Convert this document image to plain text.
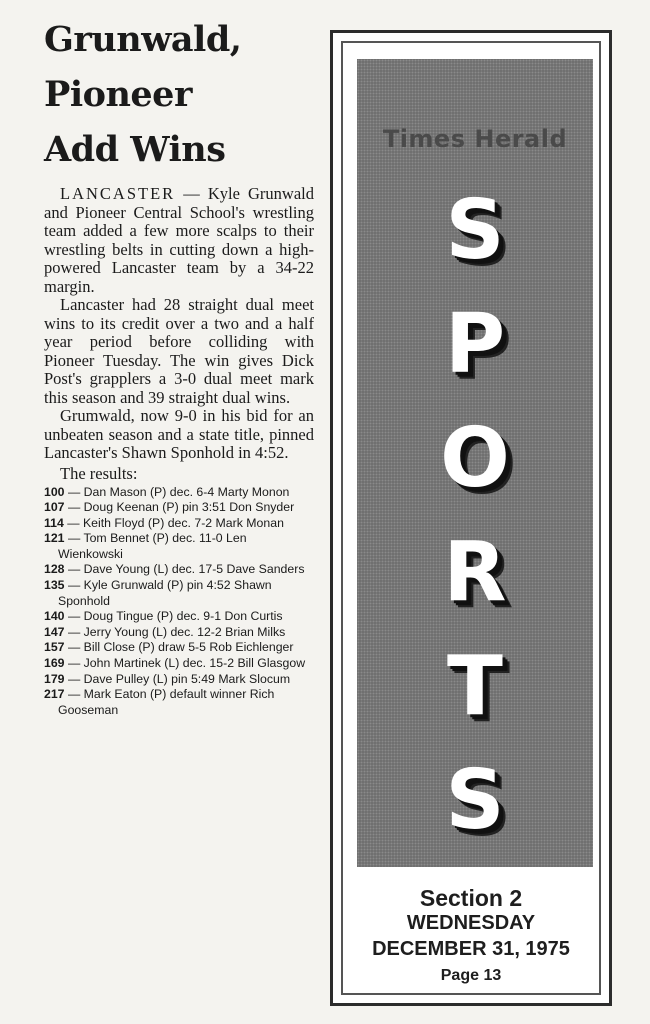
Grunwald,
Pioneer
Add Wins

LANCASTER — Kyle Grunwald and Pioneer Central School's wrestling team added a few more scalps to their wrestling belts in cutting down a high-powered Lancaster team by a 34-22 margin.

Lancaster had 28 straight dual meet wins to its credit over a two and a half year period before colliding with Pioneer Tuesday. The win gives Dick Post's grapplers a 3-0 dual meet mark this season and 39 straight dual wins.

Grumwald, now 9-0 in his bid for an unbeaten season and a state title, pinned Lancaster's Shawn Sponhold in 4:52.

The results:
100 — Dan Mason (P) dec. 6-4 Marty Monon
107 — Doug Keenan (P) pin 3:51 Don Snyder
114 — Keith Floyd (P) dec. 7-2 Mark Monan
121 — Tom Bennet (P) dec. 11-0 Len Wienkowski
128 — Dave Young (L) dec. 17-5 Dave Sanders
135 — Kyle Grunwald (P) pin 4:52 Shawn Sponhold
140 — Doug Tingue (P) dec. 9-1 Don Curtis
147 — Jerry Young (L) dec. 12-2 Brian Milks
157 — Bill Close (P) draw 5-5 Rob Eichlenger
169 — John Martinek (L) dec. 15-2 Bill Glasgow
179 — Dave Pulley (L) pin 5:49 Mark Slocum
217 — Mark Eaton (P) default winner Rich Gooseman
Times Herald
S
P
O
R
T
S
Section 2
WEDNESDAY
DECEMBER 31, 1975
Page 13
